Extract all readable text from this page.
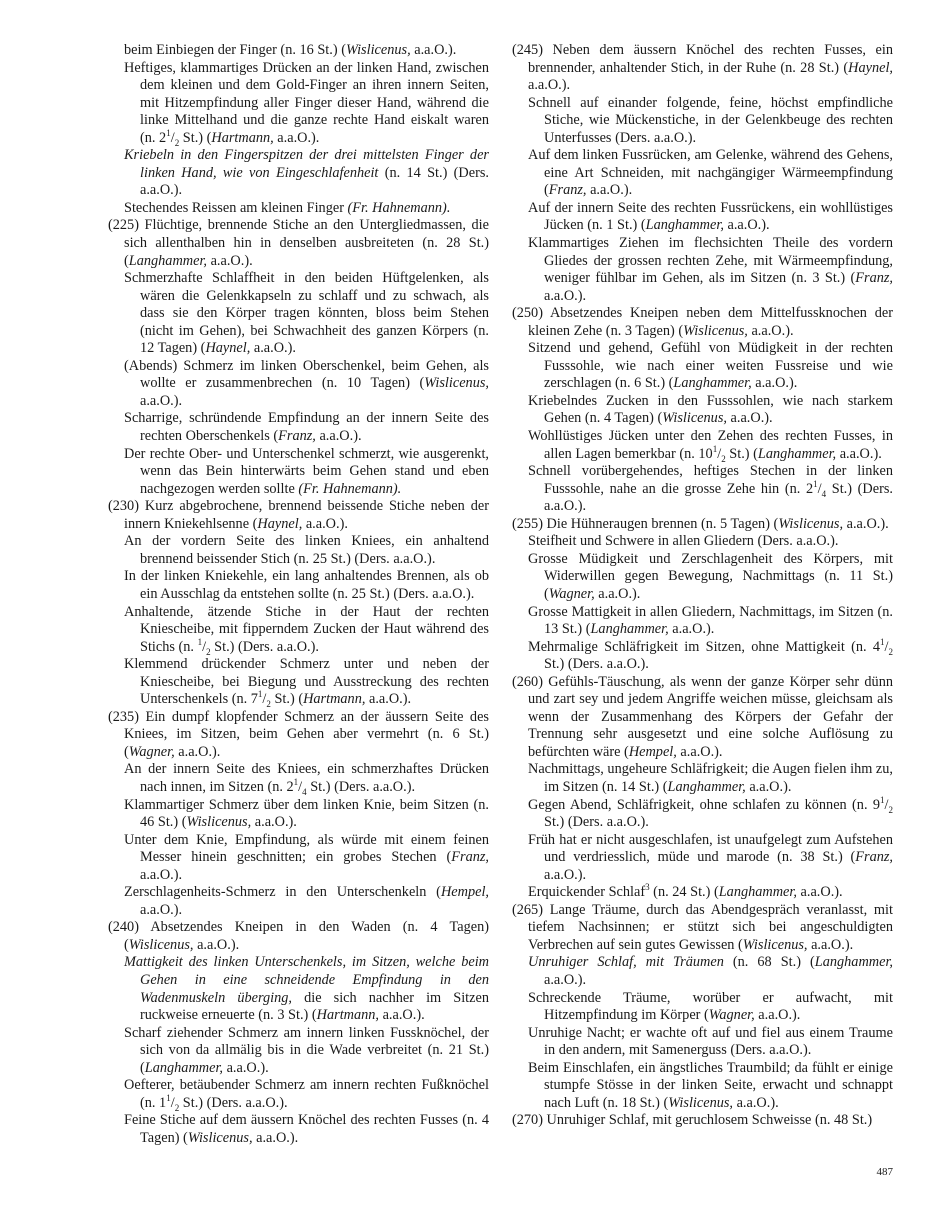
beim Einbiegen der Finger (n. 16 St.) (Wislicenus, a.a.O.).

Heftiges, klammartiges Drücken an der linken Hand, zwischen dem kleinen und dem Gold-Finger an ihren innern Seiten, mit Hitzempfindung aller Finger dieser Hand, während die linke Mittelhand und die ganze rechte Hand eiskalt waren (n. $2^1/_2$ St.) (Hartmann, a.a.O.).

Kriebeln in den Fingerspitzen der drei mittelsten Finger der linken Hand, wie von Eingeschlafenheit (n. 14 St.) (Ders. a.a.O.).

Stechendes Reissen am kleinen Finger (Fr. Hahnemann).

(225) Flüchtige, brennende Stiche an den Untergliedmassen, die sich allenthalben hin in denselben ausbreiteten (n. 28 St.) (Langhammer, a.a.O.).

Schmerzhafte Schlaffheit in den beiden Hüftgelenken, als wären die Gelenkkapseln zu schlaff und zu schwach, als dass sie den Körper tragen könnten, bloss beim Stehen (nicht im Gehen), bei Schwachheit des ganzen Körpers (n. 12 Tagen) (Haynel, a.a.O.).

(Abends) Schmerz im linken Oberschenkel, beim Gehen, als wollte er zusammenbrechen (n. 10 Tagen) (Wislicenus, a.a.O.).

Scharrige, schründende Empfindung an der innern Seite des rechten Oberschenkels (Franz, a.a.O.).

Der rechte Ober- und Unterschenkel schmerzt, wie ausgerenkt, wenn das Bein hinterwärts beim Gehen stand und eben nachgezogen werden sollte (Fr. Hahnemann).

(230) Kurz abgebrochene, brennend beissende Stiche neben der innern Kniekehlsenne (Haynel, a.a.O.).

An der vordern Seite des linken Kniees, ein anhaltend brennend beissender Stich (n. 25 St.) (Ders. a.a.O.).

In der linken Kniekehle, ein lang anhaltendes Brennen, als ob ein Ausschlag da entstehen sollte (n. 25 St.) (Ders. a.a.O.).

Anhaltende, ätzende Stiche in der Haut der rechten Kniescheibe, mit fipperndem Zucken der Haut während des Stichs (n. $^1/_2$ St.) (Ders. a.a.O.).

Klemmend drückender Schmerz unter und neben der Kniescheibe, bei Biegung und Ausstreckung des rechten Unterschenkels (n. $7^1/_2$ St.) (Hartmann, a.a.O.).

(235) Ein dumpf klopfender Schmerz an der äussern Seite des Kniees, im Sitzen, beim Gehen aber vermehrt (n. 6 St.) (Wagner, a.a.O.).

An der innern Seite des Kniees, ein schmerzhaftes Drücken nach innen, im Sitzen (n. $2^1/_4$ St.) (Ders. a.a.O.).

Klammartiger Schmerz über dem linken Knie, beim Sitzen (n. 46 St.) (Wislicenus, a.a.O.).

Unter dem Knie, Empfindung, als würde mit einem feinen Messer hinein geschnitten; ein grobes Stechen (Franz, a.a.O.).

Zerschlagenheits-Schmerz in den Unterschenkeln (Hempel, a.a.O.).

(240) Absetzendes Kneipen in den Waden (n. 4 Tagen) (Wislicenus, a.a.O.).

Mattigkeit des linken Unterschenkels, im Sitzen, welche beim Gehen in eine schneidende Empfindung in den Wadenmuskeln überging, die sich nachher im Sitzen ruckweise erneuerte (n. 3 St.) (Hartmann, a.a.O.).

Scharf ziehender Schmerz am innern linken Fussknöchel, der sich von da allmälig bis in die Wade verbreitet (n. 21 St.) (Langhammer, a.a.O.).

Oefterer, betäubender Schmerz am innern rechten Fußknöchel (n. $1^1/_2$ St.) (Ders. a.a.O.).

Feine Stiche auf dem äussern Knöchel des rechten Fusses (n. 4 Tagen) (Wislicenus, a.a.O.).

(245) Neben dem äussern Knöchel des rechten Fusses, ein brennender, anhaltender Stich, in der Ruhe (n. 28 St.) (Haynel, a.a.O.).

Schnell auf einander folgende, feine, höchst empfindliche Stiche, wie Mückenstiche, in der Gelenkbeuge des rechten Unterfusses (Ders. a.a.O.).

Auf dem linken Fussrücken, am Gelenke, während des Gehens, eine Art Schneiden, mit nachgängiger Wärmeempfindung (Franz, a.a.O.).

Auf der innern Seite des rechten Fussrückens, ein wohllüstiges Jücken (n. 1 St.) (Langhammer, a.a.O.).

Klammartiges Ziehen im flechsichten Theile des vordern Gliedes der grossen rechten Zehe, mit Wärmeempfindung, weniger fühlbar im Gehen, als im Sitzen (n. 3 St.) (Franz, a.a.O.).

(250) Absetzendes Kneipen neben dem Mittelfussknochen der kleinen Zehe (n. 3 Tagen) (Wislicenus, a.a.O.).

Sitzend und gehend, Gefühl von Müdigkeit in der rechten Fusssohle, wie nach einer weiten Fussreise und wie zerschlagen (n. 6 St.) (Langhammer, a.a.O.).

Kriebelndes Zucken in den Fusssohlen, wie nach starkem Gehen (n. 4 Tagen) (Wislicenus, a.a.O.).

Wohllüstiges Jücken unter den Zehen des rechten Fusses, in allen Lagen bemerkbar (n. $10^1/_2$ St.) (Langhammer, a.a.O.).

Schnell vorübergehendes, heftiges Stechen in der linken Fusssohle, nahe an die grosse Zehe hin (n. $2^1/_4$ St.) (Ders. a.a.O.).

(255) Die Hühneraugen brennen (n. 5 Tagen) (Wislicenus, a.a.O.).

Steifheit und Schwere in allen Gliedern (Ders. a.a.O.).

Grosse Müdigkeit und Zerschlagenheit des Körpers, mit Widerwillen gegen Bewegung, Nachmittags (n. 11 St.) (Wagner, a.a.O.).

Grosse Mattigkeit in allen Gliedern, Nachmittags, im Sitzen (n. 13 St.) (Langhammer, a.a.O.).

Mehrmalige Schläfrigkeit im Sitzen, ohne Mattigkeit (n. $4^1/_2$ St.) (Ders. a.a.O.).

(260) Gefühls-Täuschung, als wenn der ganze Körper sehr dünn und zart sey und jedem Angriffe weichen müsse, gleichsam als wenn der Zusammenhang des Körpers der Gefahr der Trennung sehr ausgesetzt und eine solche Auflösung zu befürchten wäre (Hempel, a.a.O.).

Nachmittags, ungeheure Schläfrigkeit; die Augen fielen ihm zu, im Sitzen (n. 14 St.) (Langhammer, a.a.O.).

Gegen Abend, Schläfrigkeit, ohne schlafen zu können (n. $9^1/_2$ St.) (Ders. a.a.O.).

Früh hat er nicht ausgeschlafen, ist unaufgelegt zum Aufstehen und verdriesslich, müde und marode (n. 38 St.) (Franz, a.a.O.).

Erquickender Schlaf$^3$ (n. 24 St.) (Langhammer, a.a.O.).

(265) Lange Träume, durch das Abendgespräch veranlasst, mit tiefem Nachsinnen; er stützt sich bei angeschuldigten Verbrechen auf sein gutes Gewissen (Wislicenus, a.a.O.).

Unruhiger Schlaf, mit Träumen (n. 68 St.) (Langhammer, a.a.O.).

Schreckende Träume, worüber er aufwacht, mit Hitzempfindung im Körper (Wagner, a.a.O.).

Unruhige Nacht; er wachte oft auf und fiel aus einem Traume in den andern, mit Samenerguss (Ders. a.a.O.).

Beim Einschlafen, ein ängstliches Traumbild; da fühlt er einige stumpfe Stösse in der linken Seite, erwacht und schnappt nach Luft (n. 18 St.) (Wislicenus, a.a.O.).

(270) Unruhiger Schlaf, mit geruchlosem Schweisse (n. 48 St.)

487
